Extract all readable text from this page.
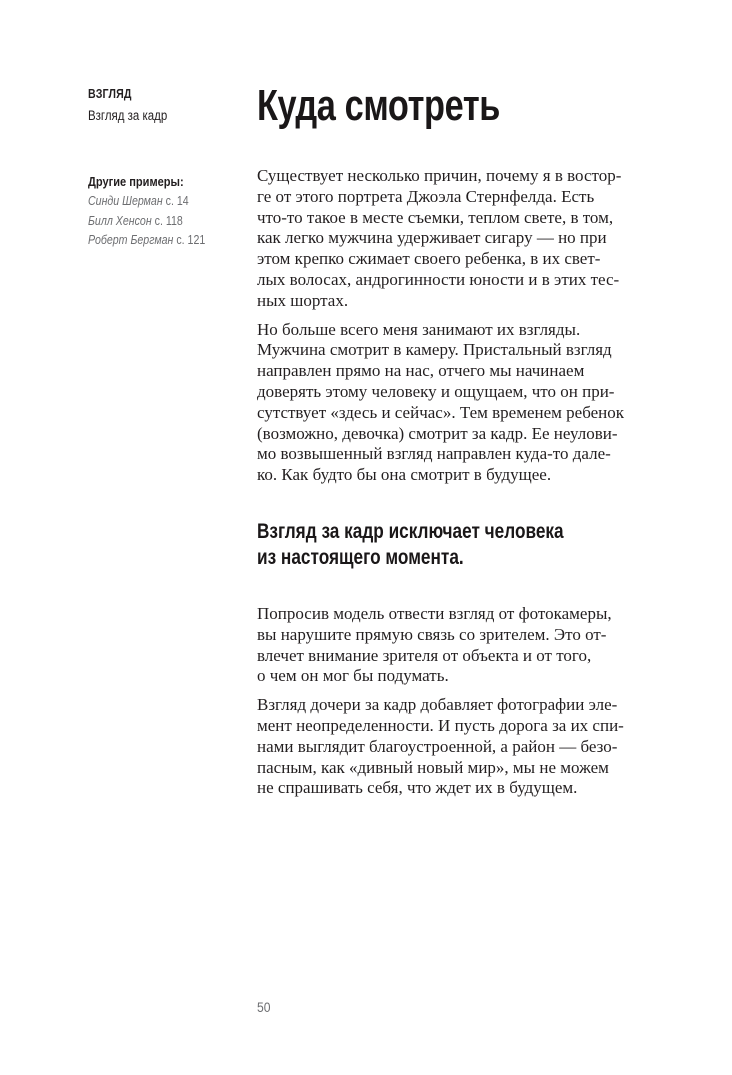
ВЗГЛЯД
Взгляд за кадр
Другие примеры:
Синди Шерман с. 14
Билл Хенсон с. 118
Роберт Бергман с. 121
Куда смотреть

Существует несколько причин, почему я в востор-
ге от этого портрета Джоэла Стернфелда. Есть
что-то такое в месте съемки, теплом свете, в том,
как легко мужчина удерживает сигару — но при
этом крепко сжимает своего ребенка, в их свет-
лых волосах, андрогинности юности и в этих тес-
ных шортах.

Но больше всего меня занимают их взгляды.
Мужчина смотрит в камеру. Пристальный взгляд
направлен прямо на нас, отчего мы начинаем
доверять этому человеку и ощущаем, что он при-
сутствует «здесь и сейчас». Тем временем ребенок
(возможно, девочка) смотрит за кадр. Ее неулови-
мо возвышенный взгляд направлен куда-то дале-
ко. Как будто бы она смотрит в будущее.

Взгляд за кадр исключает человека
из настоящего момента.

Попросив модель отвести взгляд от фотокамеры,
вы нарушите прямую связь со зрителем. Это от-
влечет внимание зрителя от объекта и от того,
о чем он мог бы подумать.

Взгляд дочери за кадр добавляет фотографии эле-
мент неопределенности. И пусть дорога за их спи-
нами выглядит благоустроенной, а район — безо-
пасным, как «дивный новый мир», мы не можем
не спрашивать себя, что ждет их в будущем.

50
